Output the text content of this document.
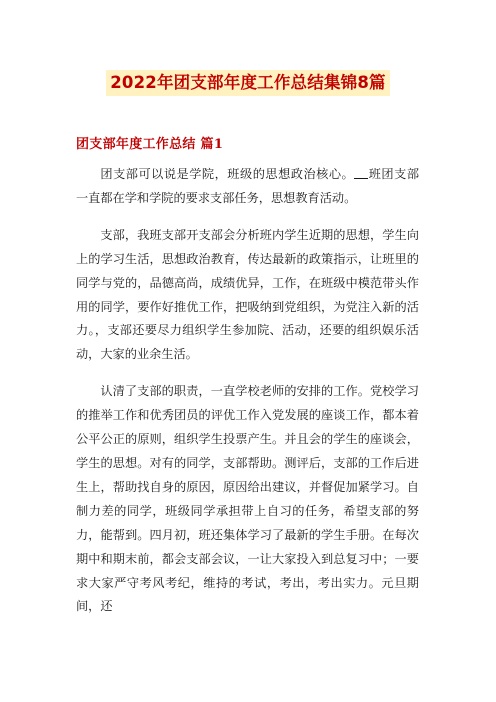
2022年团支部年度工作总结集锦8篇
团支部年度工作总结 篇1

团支部可以说是学院，班级的思想政治核心。 班团支部一直都在学和学院的要求支部任务，思想教育活动。

支部，我班支部开支部会分析班内学生近期的思想，学生向上的学习生活，思想政治教育，传达最新的政策指示，让班里的同学与党的，品德高尚，成绩优异，工作，在班级中模范带头作用的同学，要作好推优工作，把吸纳到党组织，为党注入新的活力。，支部还要尽力组织学生参加院、活动，还要的组织娱乐活动，大家的业余生活。

认清了支部的职责，一直学校老师的安排的工作。党校学习的推举工作和优秀团员的评优工作入党发展的座谈工作，都本着公平公正的原则，组织学生投票产生。并且会的学生的座谈会，学生的思想。对有的同学，支部帮助。测评后，支部的工作后进生上，帮助找自身的原因，原因给出建议，并督促加紧学习。自制力差的同学，班级同学承担带上自习的任务，希望支部的努力，能帮到。四月初，班还集体学习了最新的学生手册。在每次期中和期末前，都会支部会议，一让大家投入到总复习中；一要求大家严守考风考纪，维持的考试，考出，考出实力。元旦期间，还
